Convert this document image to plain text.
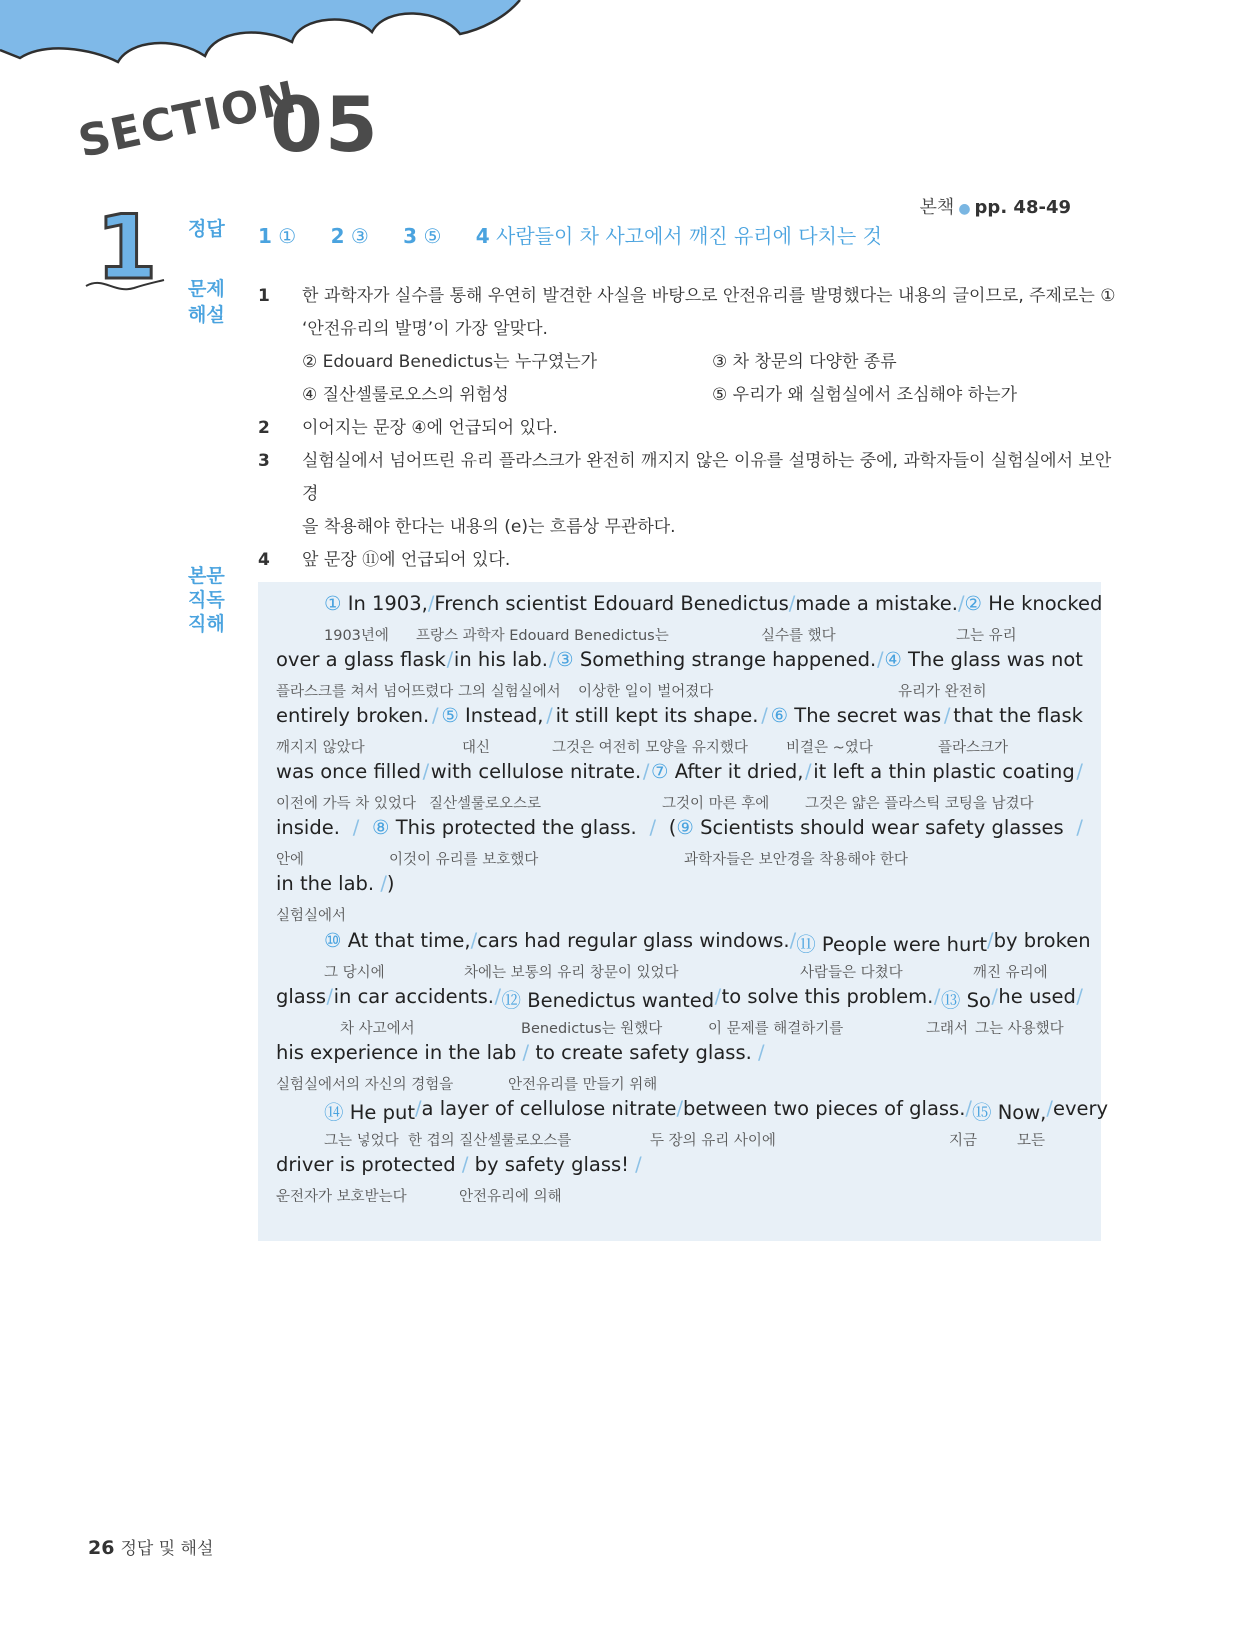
SECTION
05
1	본책 ● pp. 48-49
정답
문제
해설
본문
직독
직해
1 ① 2 ③ 3 ⑤ 4 사람들이 차 사고에서 깨진 유리에 다치는 것
1 한 과학자가 실수를 통해 우연히 발견한 사실을 바탕으로 안전유리를 발명했다는 내용의 글이므로, 주제로는 ①
‘안전유리의 발명’이 가장 알맞다.
② Edouard Benedictus는 누구였는가	③ 차 창문의 다양한 종류
④ 질산셀룰로오스의 위험성	⑤ 우리가 왜 실험실에서 조심해야 하는가
2 이어지는 문장 ④에 언급되어 있다.
3 실험실에서 넘어뜨린 유리 플라스크가 완전히 깨지지 않은 이유를 설명하는 중에, 과학자들이 실험실에서 보안경
을 착용해야 한다는 내용의 (e)는 흐름상 무관하다.
4 앞 문장 ⑪에 언급되어 있다.
① In 1903, / French scientist Edouard Benedictus / made a mistake. / ② He knocked
1903년에 프랑스 과학자 Edouard Benedictus는	실수를 했다	그는 유리
over a glass flask / in his lab. / ③ Something strange happened. / ④ The glass was not
플라스크를 쳐서 넘어뜨렸다 그의 실험실에서 이상한 일이 벌어졌다	유리가 완전히
entirely broken. / ⑤ Instead, / it still kept its shape. / ⑥ The secret was / that the flask
깨지지 않았다	대신	그것은 여전히 모양을 유지했다	비결은 ~였다	플라스크가
was once filled / with cellulose nitrate. / ⑦ After it dried, / it left a thin plastic coating /
이전에 가득 차 있었다 질산셀룰로오스로	그것이 마른 후에 그것은 얇은 플라스틱 코팅을 남겼다
inside. / ⑧ This protected the glass. / (⑨ Scientists should wear safety glasses /
안에	이것이 유리를 보호했다	과학자들은 보안경을 착용해야 한다
in the lab.
/ )
실험실에서
⑩ At that time, / cars had regular glass windows. / ⑪ People were hurt / by broken
그 당시에	차에는 보통의 유리 창문이 있었다	사람들은 다쳤다	깨진 유리에
glass / in car accidents. / ⑫ Benedictus wanted / to solve this problem. / ⑬ So / he used /
차 사고에서	Benedictus는 원했다	이 문제를 해결하기를	그래서 그는 사용했다
his experience in the lab
/
to create safety glass.
/
실험실에서의 자신의 경험을	안전유리를 만들기 위해
⑭ He put / a layer of cellulose nitrate / between two pieces of glass. / ⑮ Now, / every
그는 넣었다 한 겹의 질산셀룰로오스를	두 장의 유리 사이에	지금	모든
driver is protected
/
by safety glass!
/
운전자가 보호받는다	안전유리에 의해
26 정답 및 해설
